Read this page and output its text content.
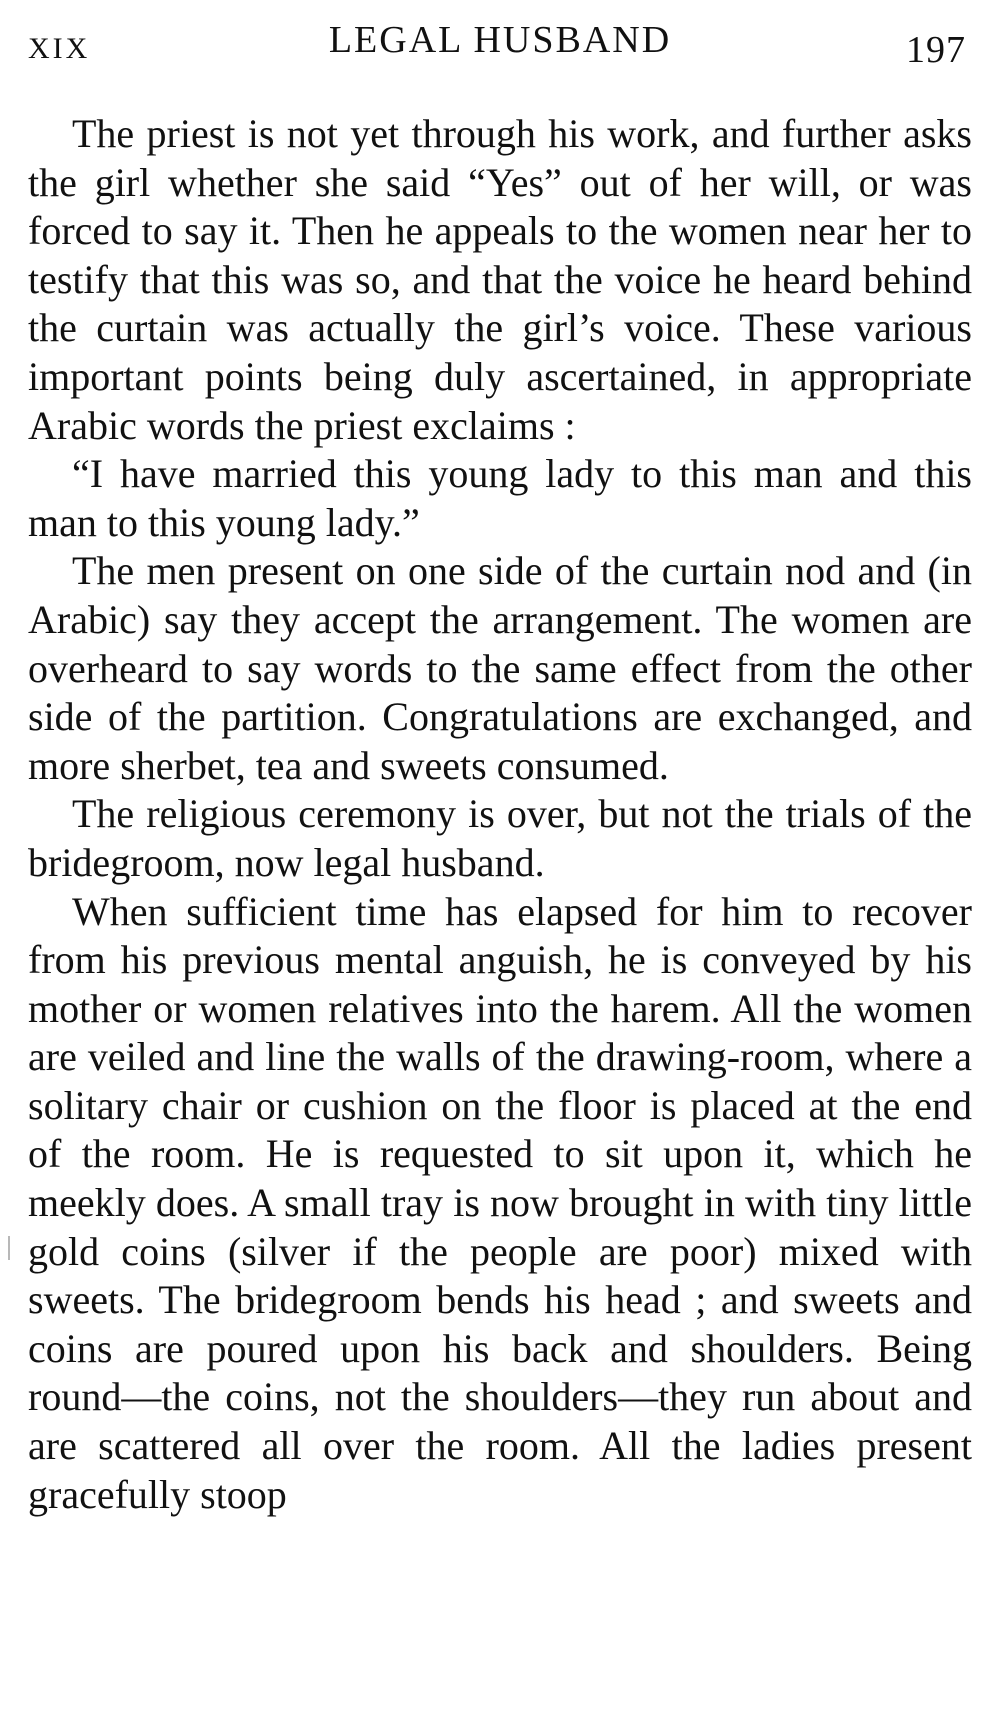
XIX	LEGAL HUSBAND	197

The priest is not yet through his work, and further asks the girl whether she said “Yes” out of her will, or was forced to say it. Then he appeals to the women near her to testify that this was so, and that the voice he heard behind the curtain was actually the girl’s voice. These various important points being duly ascertained, in appropriate Arabic words the priest exclaims :

“I have married this young lady to this man and this man to this young lady.”

The men present on one side of the curtain nod and (in Arabic) say they accept the arrangement. The women are overheard to say words to the same effect from the other side of the partition. Congratulations are exchanged, and more sherbet, tea and sweets consumed.

The religious ceremony is over, but not the trials of the bridegroom, now legal husband.

When sufficient time has elapsed for him to recover from his previous mental anguish, he is conveyed by his mother or women relatives into the harem. All the women are veiled and line the walls of the drawing-room, where a solitary chair or cushion on the floor is placed at the end of the room. He is requested to sit upon it, which he meekly does. A small tray is now brought in with tiny little gold coins (silver if the people are poor) mixed with sweets. The bridegroom bends his head ; and sweets and coins are poured upon his back and shoulders. Being round—the coins, not the shoulders—they run about and are scattered all over the room. All the ladies present gracefully stoop
